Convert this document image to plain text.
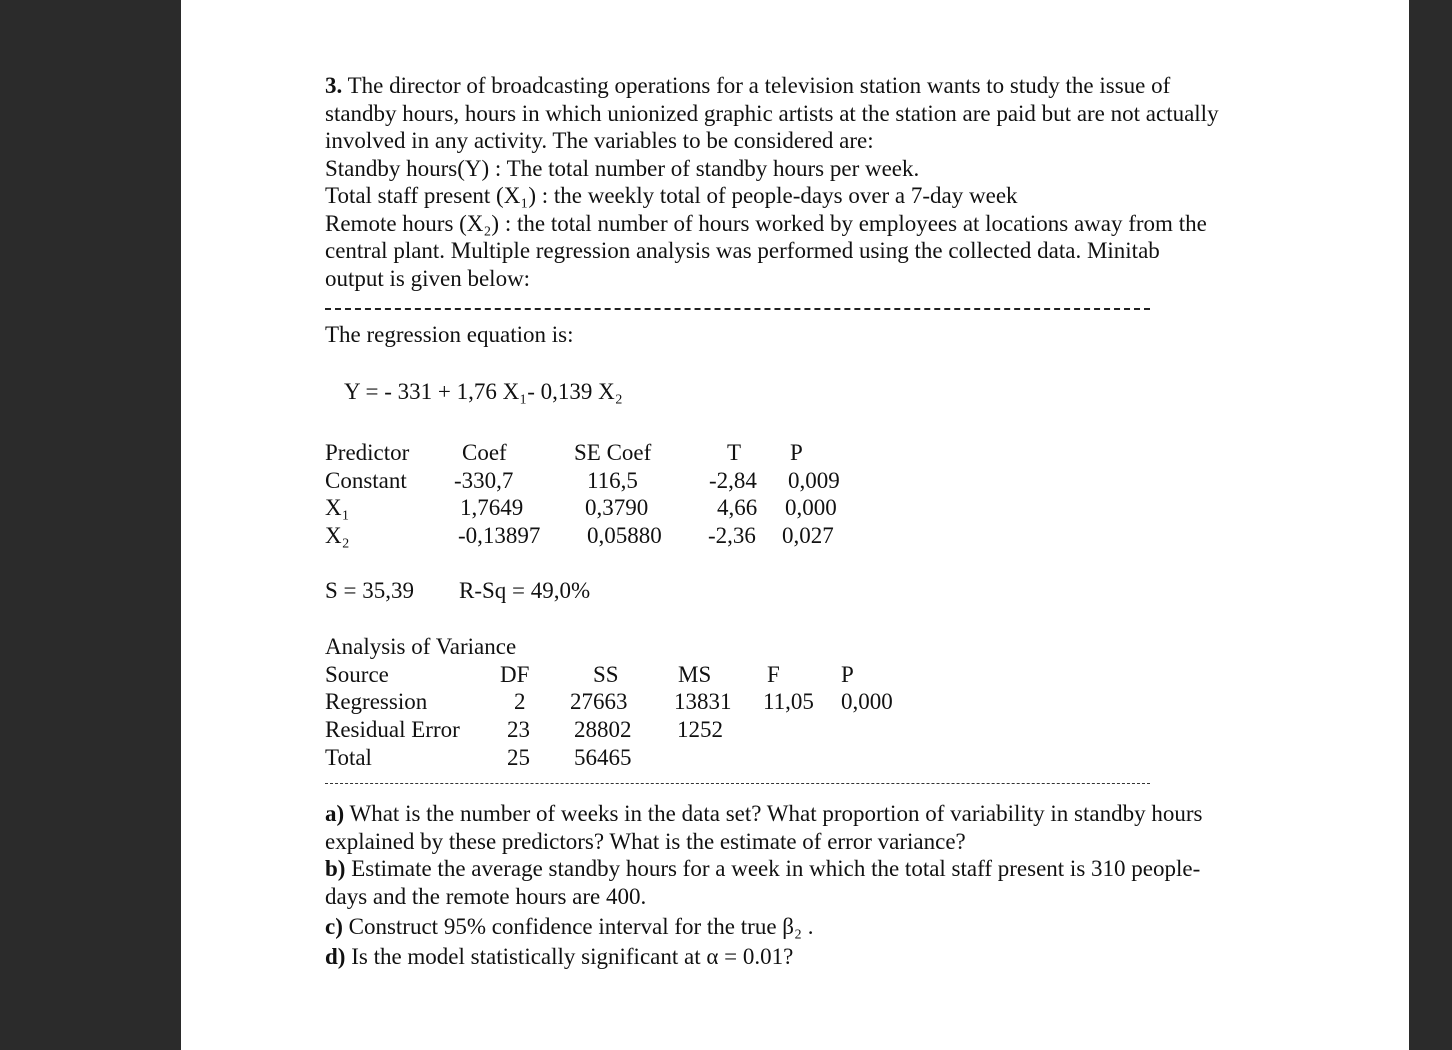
3. The director of broadcasting operations for a television station wants to study the issue of
standby hours, hours in which unionized graphic artists at the station are paid but are not actually
involved in any activity. The variables to be considered are:
Standby hours(Y) : The total number of standby hours per week.
Total staff present (X₁) : the weekly total of people-days over a 7-day week
Remote hours (X₂) : the total number of hours worked by employees at locations away from the
central plant. Multiple regression analysis was performed using the collected data. Minitab
output is given below:
The regression equation is:
Y = - 331 + 1,76 X₁- 0,139 X₂
Predictor Coef	SE Coef	T P
Constant -330,7	116,5	-2,84 0,009
X₁	1,7649	0,3790	4,66 0,000
X₂	-0,13897 0,05880 -2,36 0,027
S = 35,39 R-Sq = 49,0%
Analysis of Variance
Source	DF	SS	MS F	P
Regression	2 27663 13831 11,05 0,000
Residual Error 23 28802 1252
Total	25 56465
a) What is the number of weeks in the data set? What proportion of variability in standby hours
explained by these predictors? What is the estimate of error variance?
b) Estimate the average standby hours for a week in which the total staff present is 310 people-
days and the remote hours are 400.
c) Construct 95% confidence interval for the true β₂ .
d) Is the model statistically significant at α = 0.01?
